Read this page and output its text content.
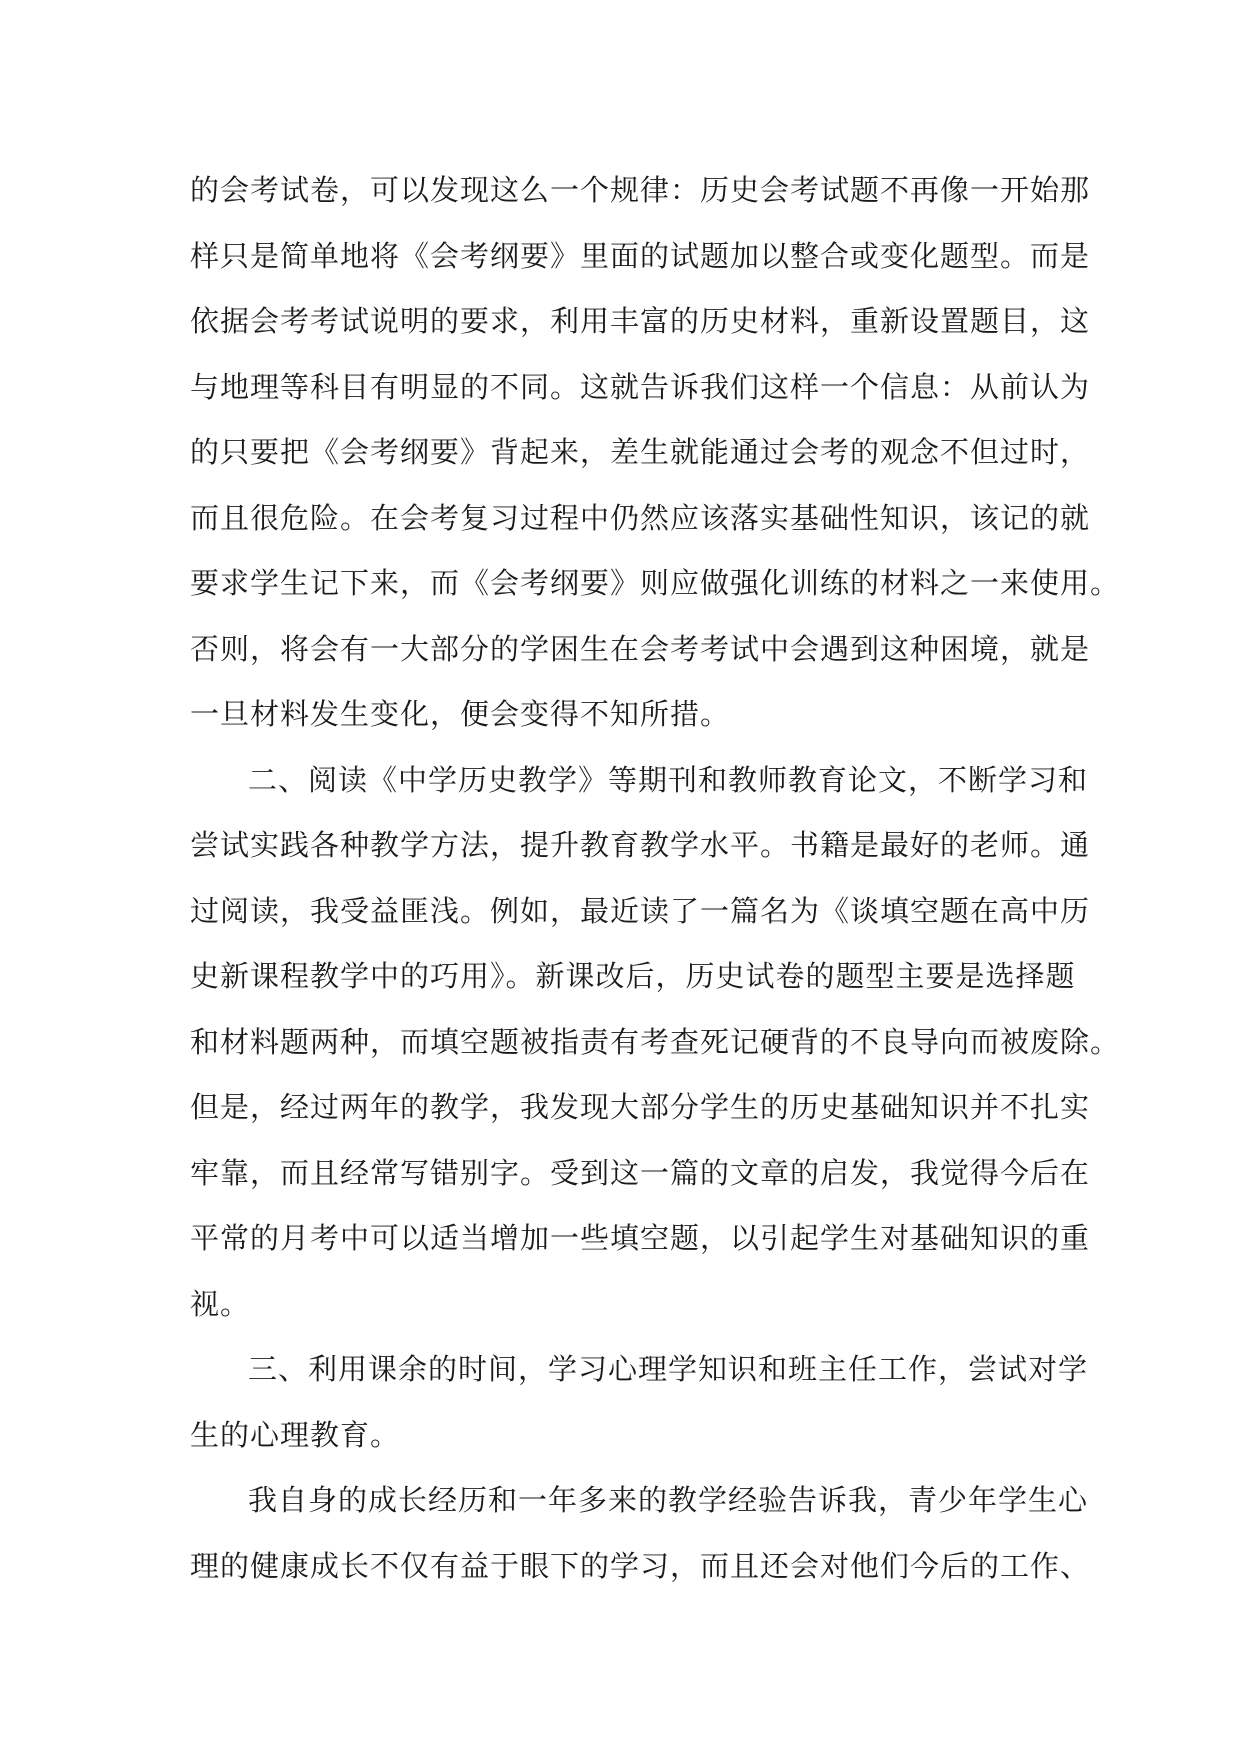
的会考试卷，可以发现这么一个规律：历史会考试题不再像一开始那
样只是简单地将《会考纲要》里面的试题加以整合或变化题型。而是
依据会考考试说明的要求，利用丰富的历史材料，重新设置题目，这
与地理等科目有明显的不同。这就告诉我们这样一个信息：从前认为
的只要把《会考纲要》背起来，差生就能通过会考的观念不但过时，
而且很危险。在会考复习过程中仍然应该落实基础性知识，该记的就
要求学生记下来，而《会考纲要》则应做强化训练的材料之一来使用。
否则，将会有一大部分的学困生在会考考试中会遇到这种困境，就是
一旦材料发生变化，便会变得不知所措。
二、阅读《中学历史教学》等期刊和教师教育论文，不断学习和
尝试实践各种教学方法，提升教育教学水平。书籍是最好的老师。通
过阅读，我受益匪浅。例如，最近读了一篇名为《谈填空题在高中历
史新课程教学中的巧用》。新课改后，历史试卷的题型主要是选择题
和材料题两种，而填空题被指责有考查死记硬背的不良导向而被废除。
但是，经过两年的教学，我发现大部分学生的历史基础知识并不扎实
牢靠，而且经常写错别字。受到这一篇的文章的启发，我觉得今后在
平常的月考中可以适当增加一些填空题，以引起学生对基础知识的重
视。
三、利用课余的时间，学习心理学知识和班主任工作，尝试对学
生的心理教育。
我自身的成长经历和一年多来的教学经验告诉我，青少年学生心
理的健康成长不仅有益于眼下的学习，而且还会对他们今后的工作、
